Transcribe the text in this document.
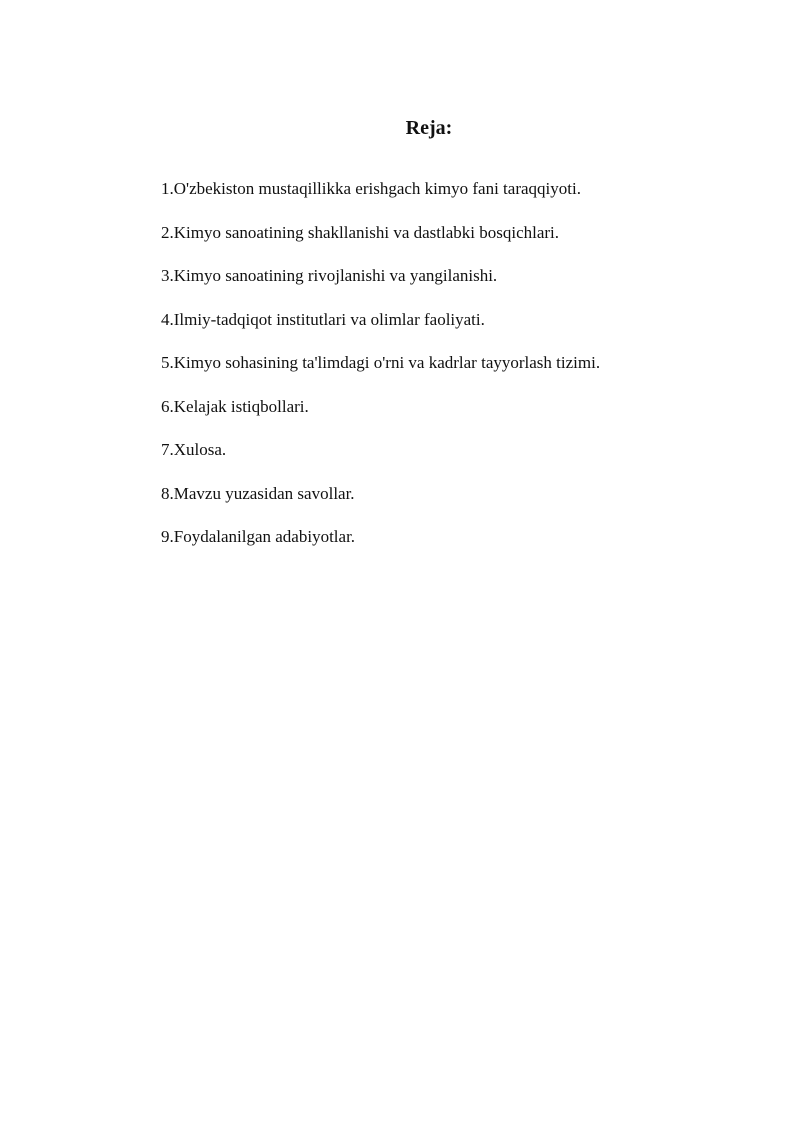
Reja:
1.O'zbekiston mustaqillikka erishgach kimyo fani taraqqiyoti.
2.Kimyo sanoatining shakllanishi va dastlabki bosqichlari.
3.Kimyo sanoatining rivojlanishi va yangilanishi.
4.Ilmiy-tadqiqot institutlari va olimlar faoliyati.
5.Kimyo sohasining ta'limdagi o'rni va kadrlar tayyorlash tizimi.
6.Kelajak istiqbollari.
7.Xulosa.
8.Mavzu yuzasidan savollar.
9.Foydalanilgan adabiyotlar.
